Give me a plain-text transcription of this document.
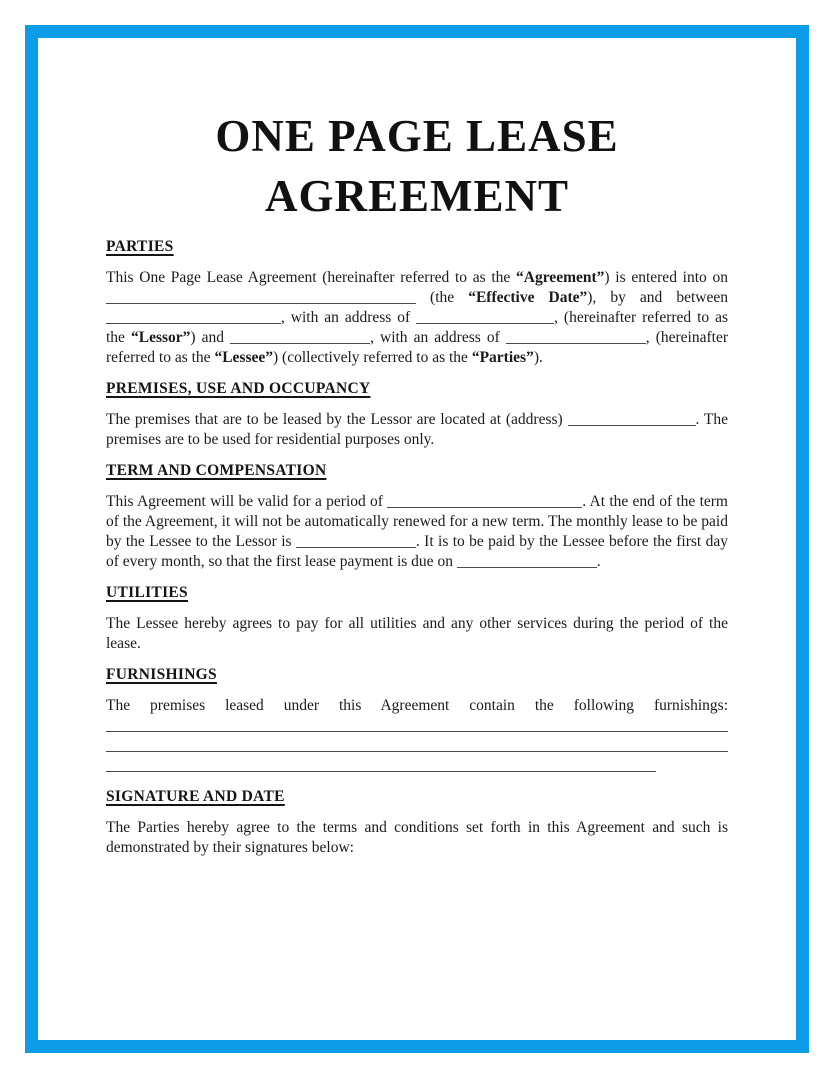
ONE PAGE LEASE
AGREEMENT
PARTIES

This One Page Lease Agreement (hereinafter referred to as the “Agreement”) is entered into on  (the “Effective Date”), by and between , with an address of	, (hereinafter referred to as the “Lessor”) and	, with an address of	, (hereinafter referred to as the “Lessee”) (collectively referred to as the “Parties”).

PREMISES, USE AND OCCUPANCY

The premises that are to be leased by the Lessor are located at (address)	. The premises are to be used for residential purposes only.

TERM AND COMPENSATION

This Agreement will be valid for a period of	. At the end of the term of the Agreement, it will not be automatically renewed for a new term. The monthly lease to be paid by the Lessee to the Lessor is	. It is to be paid by the Lessee before the first day of every month, so that the first lease payment is due on	.

UTILITIES

The Lessee hereby agrees to pay for all utilities and any other services during the period of the lease.

FURNISHINGS

The premises leased under this Agreement contain the following furnishings:

SIGNATURE AND DATE

The Parties hereby agree to the terms and conditions set forth in this Agreement and such is demonstrated by their signatures below:
